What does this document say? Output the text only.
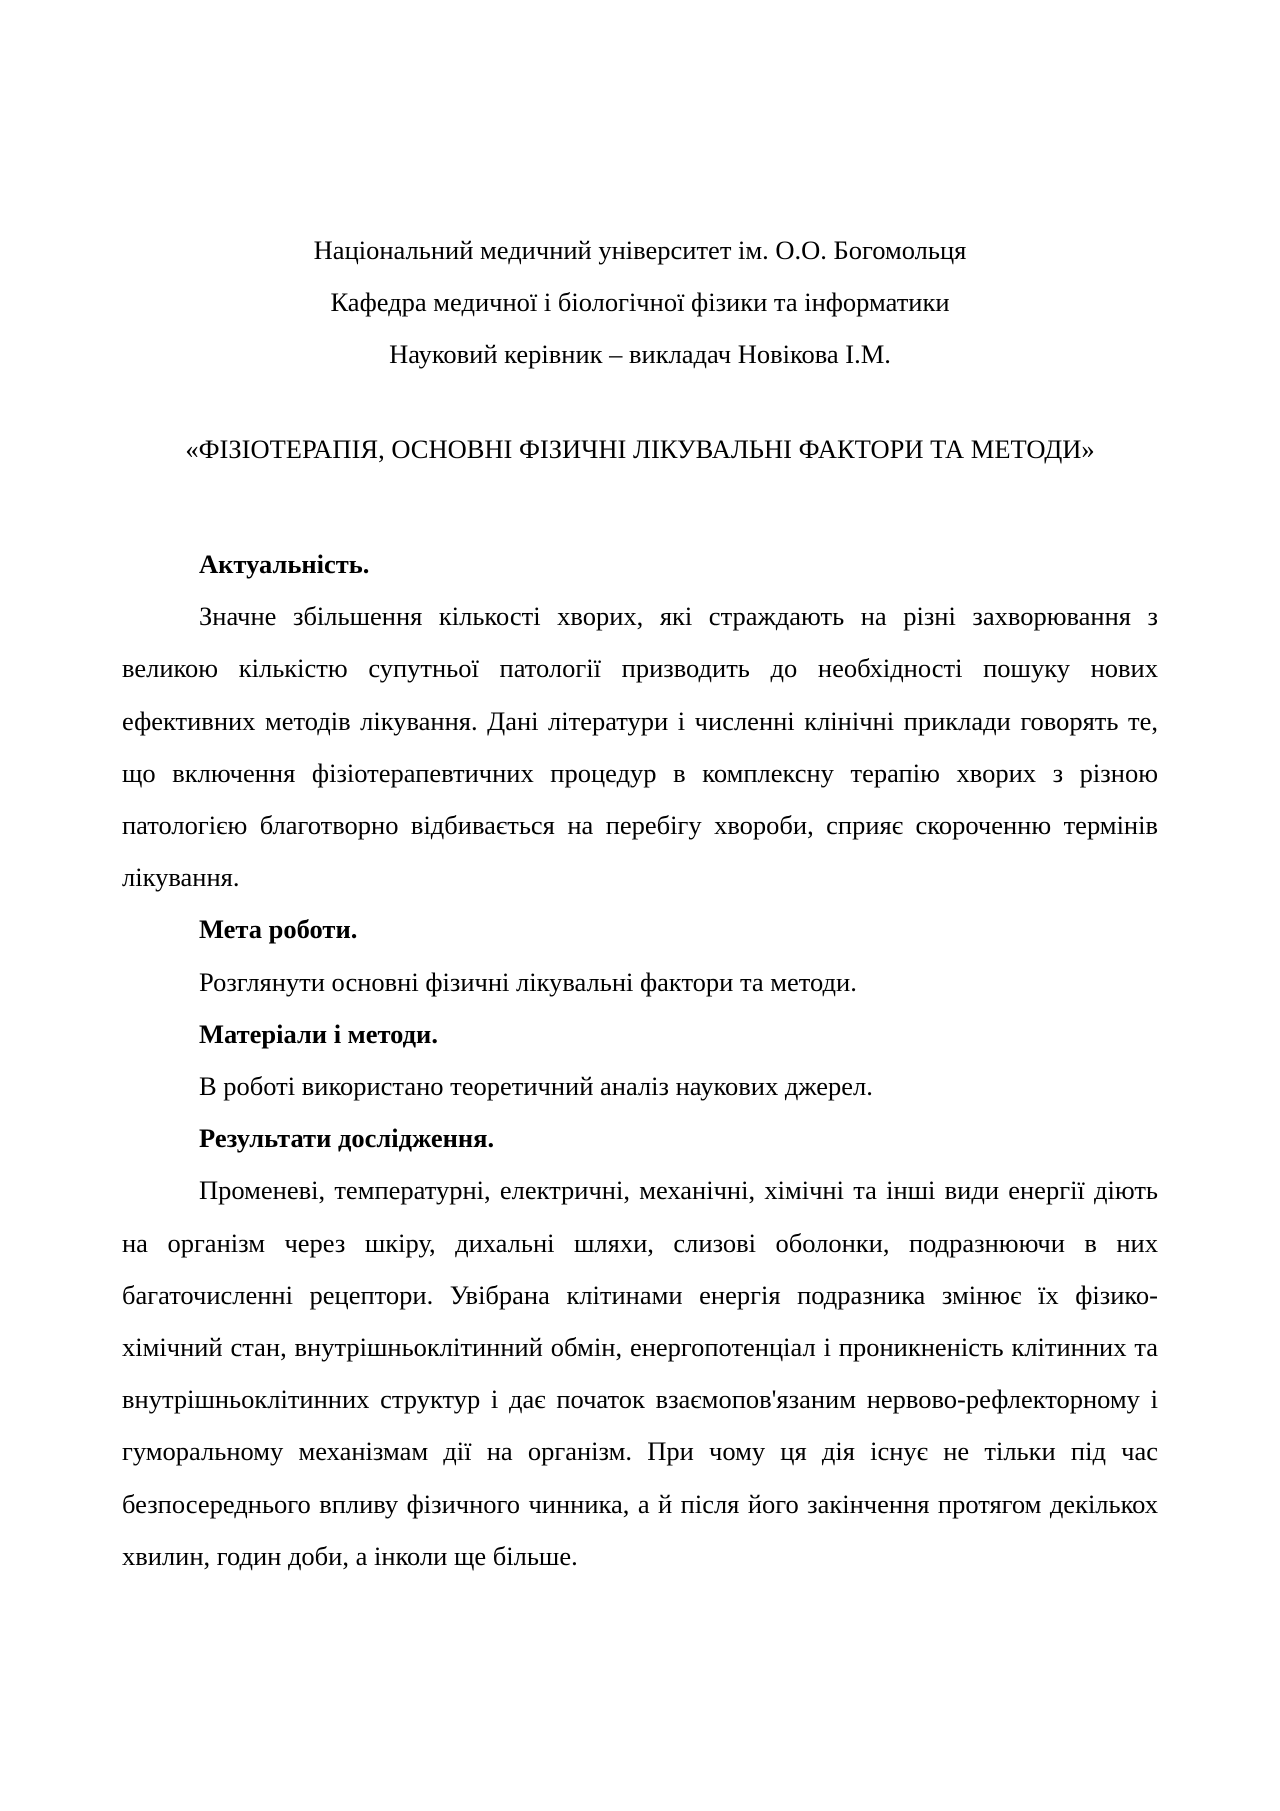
Національний медичний університет ім. О.О. Богомольця
Кафедра медичної і біологічної фізики та інформатики
Науковий керівник – викладач Новікова І.М.
«ФІЗІОТЕРАПІЯ, ОСНОВНІ ФІЗИЧНІ ЛІКУВАЛЬНІ ФАКТОРИ ТА МЕТОДИ»

Актуальність.

Значне збільшення кількості хворих, які страждають на різні захворювання з великою кількістю супутньої патології призводить до необхідності пошуку нових ефективних методів лікування. Дані літератури і численні клінічні приклади говорять те, що включення фізіотерапевтичних процедур в комплексну терапію хворих з різною патологією благотворно відбивається на перебігу хвороби, сприяє скороченню термінів лікування.

Мета роботи.

Розглянути основні фізичні лікувальні фактори та методи.

Матеріали і методи.

В роботі використано теоретичний аналіз наукових джерел.

Результати дослідження.

Променеві, температурні, електричні, механічні, хімічні та інші види енергії діють на організм через шкіру, дихальні шляхи, слизові оболонки, подразнюючи в них багаточисленні рецептори. Увібрана клітинами енергія подразника змінює їх фізико-хімічний стан, внутрішньоклітинний обмін, енергопотенціал і проникненість клітинних та внутрішньоклітинних структур і дає початок взаємопов'язаним нервово-рефлекторному і гуморальному механізмам дії на організм. При чому ця дія існує не тільки під час безпосереднього впливу фізичного чинника, а й після його закінчення протягом декількох хвилин, годин доби, а інколи ще більше.
